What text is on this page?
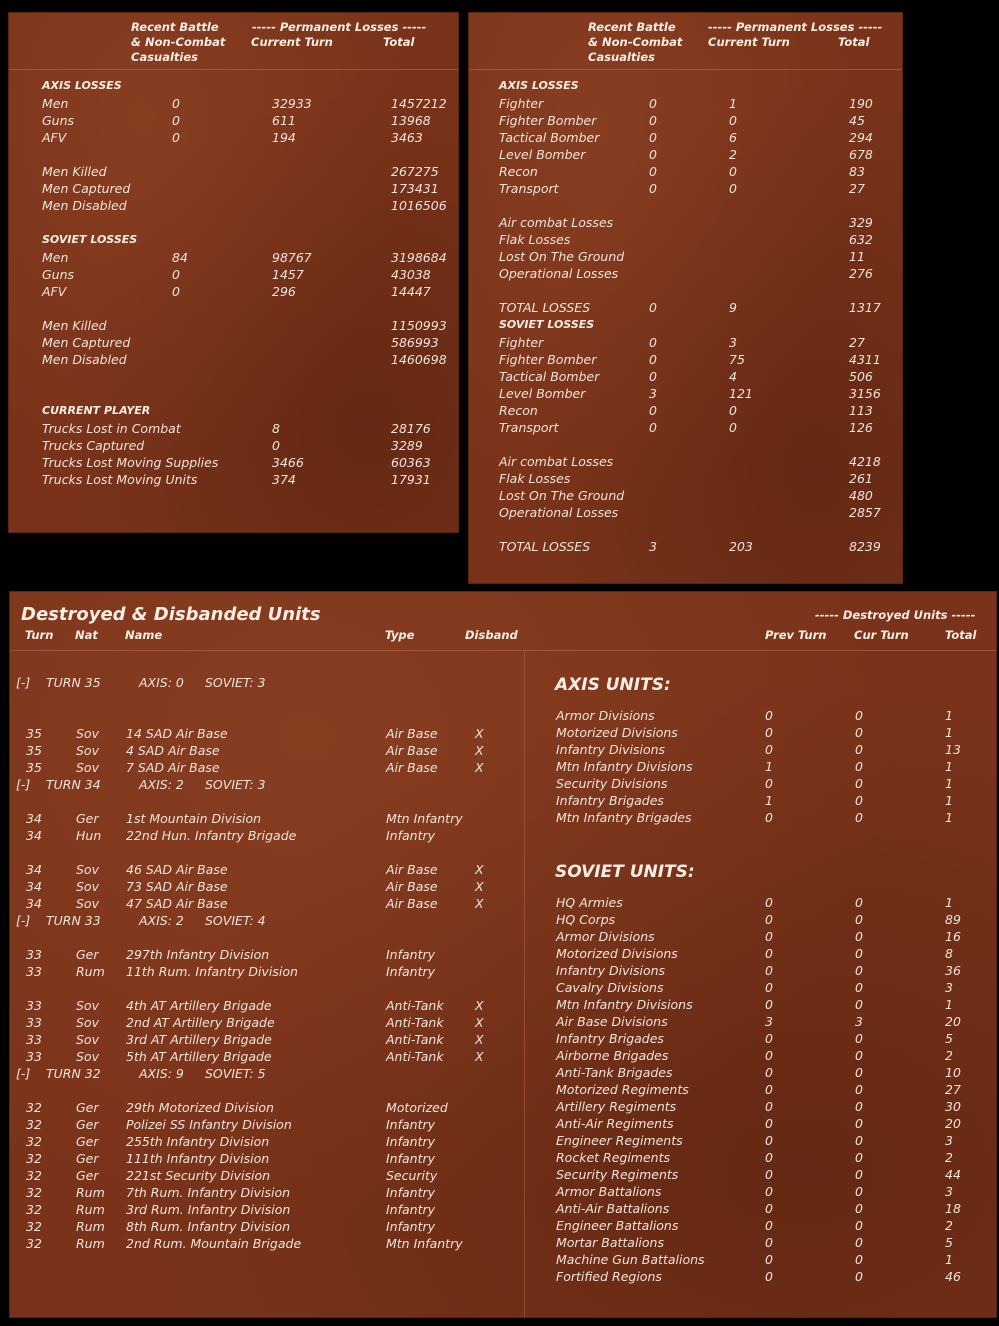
Recent Battle
& Non-Combat
Casualties
----- Permanent Losses -----
Current Turn	Total
AXIS LOSSES
Men	0	32933	1457212
Guns	0	611	13968
AFV	0	194	3463
Men Killed	267275
Men Captured	173431
Men Disabled	1016506
SOVIET LOSSES
Men	84	98767	3198684
Guns	0	1457	43038
AFV	0	296	14447
Men Killed	1150993
Men Captured	586993
Men Disabled	1460698
CURRENT PLAYER
Trucks Lost in Combat	8	28176
Trucks Captured	0	3289
Trucks Lost Moving Supplies	3466	60363
Trucks Lost Moving Units	374	17931
Recent Battle
& Non-Combat
Casualties
----- Permanent Losses -----
Current Turn	Total
AXIS LOSSES
Fighter	0	1	190
Fighter Bomber	0	0	45
Tactical Bomber	0	6	294
Level Bomber	0	2	678
Recon	0	0	83
Transport	0	0	27
Air combat Losses	329
Flak Losses	632
Lost On The Ground	11
Operational Losses	276
TOTAL LOSSES	0	9	1317
SOVIET LOSSES
Fighter	0	3	27
Fighter Bomber	0	75	4311
Tactical Bomber	0	4	506
Level Bomber	3	121	3156
Recon	0	0	113
Transport	0	0	126
Air combat Losses	4218
Flak Losses	261
Lost On The Ground	480
Operational Losses	2857
TOTAL LOSSES	3	203	8239
Destroyed & Disbanded Units	----- Destroyed Units -----
Turn Nat Name	Type	Disband	Prev Turn Cur Turn	Total
[-] TURN 35	AXIS: 0 SOVIET: 3
35	Sov 14 SAD Air Base	Air Base	X
35	Sov 4 SAD Air Base	Air Base	X
35	Sov 7 SAD Air Base	Air Base	X
[-] TURN 34	AXIS: 2 SOVIET: 3
34	Ger 1st Mountain Division	Mtn Infantry
34	Hun 22nd Hun. Infantry Brigade	Infantry
34	Sov 46 SAD Air Base	Air Base	X
34	Sov 73 SAD Air Base	Air Base	X
34	Sov 47 SAD Air Base	Air Base	X
[-] TURN 33	AXIS: 2 SOVIET: 4
33	Ger 297th Infantry Division	Infantry
33	Rum 11th Rum. Infantry Division	Infantry
33	Sov 4th AT Artillery Brigade	Anti-Tank	X
33	Sov 2nd AT Artillery Brigade	Anti-Tank	X
33	Sov 3rd AT Artillery Brigade	Anti-Tank	X
33	Sov 5th AT Artillery Brigade	Anti-Tank	X
[-] TURN 32	AXIS: 9 SOVIET: 5
32	Ger 29th Motorized Division	Motorized
32	Ger Polizei SS Infantry Division	Infantry
32	Ger 255th Infantry Division	Infantry
32	Ger 111th Infantry Division	Infantry
32	Ger 221st Security Division	Security
32	Rum 7th Rum. Infantry Division	Infantry
32	Rum 3rd Rum. Infantry Division	Infantry
32	Rum 8th Rum. Infantry Division	Infantry
32	Rum 2nd Rum. Mountain Brigade	Mtn Infantry
AXIS UNITS:
Armor Divisions	0	0	1
Motorized Divisions	0	0	1
Infantry Divisions	0	0	13
Mtn Infantry Divisions	1	0	1
Security Divisions	0	0	1
Infantry Brigades	1	0	1
Mtn Infantry Brigades	0	0	1
SOVIET UNITS:
HQ Armies	0	0	1
HQ Corps	0	0	89
Armor Divisions	0	0	16
Motorized Divisions	0	0	8
Infantry Divisions	0	0	36
Cavalry Divisions	0	0	3
Mtn Infantry Divisions	0	0	1
Air Base Divisions	3	3	20
Infantry Brigades	0	0	5
Airborne Brigades	0	0	2
Anti-Tank Brigades	0	0	10
Motorized Regiments	0	0	27
Artillery Regiments	0	0	30
Anti-Air Regiments	0	0	20
Engineer Regiments	0	0	3
Rocket Regiments	0	0	2
Security Regiments	0	0	44
Armor Battalions	0	0	3
Anti-Air Battalions	0	0	18
Engineer Battalions	0	0	2
Mortar Battalions	0	0	5
Machine Gun Battalions	0	0	1
Fortified Regions	0	0	46
